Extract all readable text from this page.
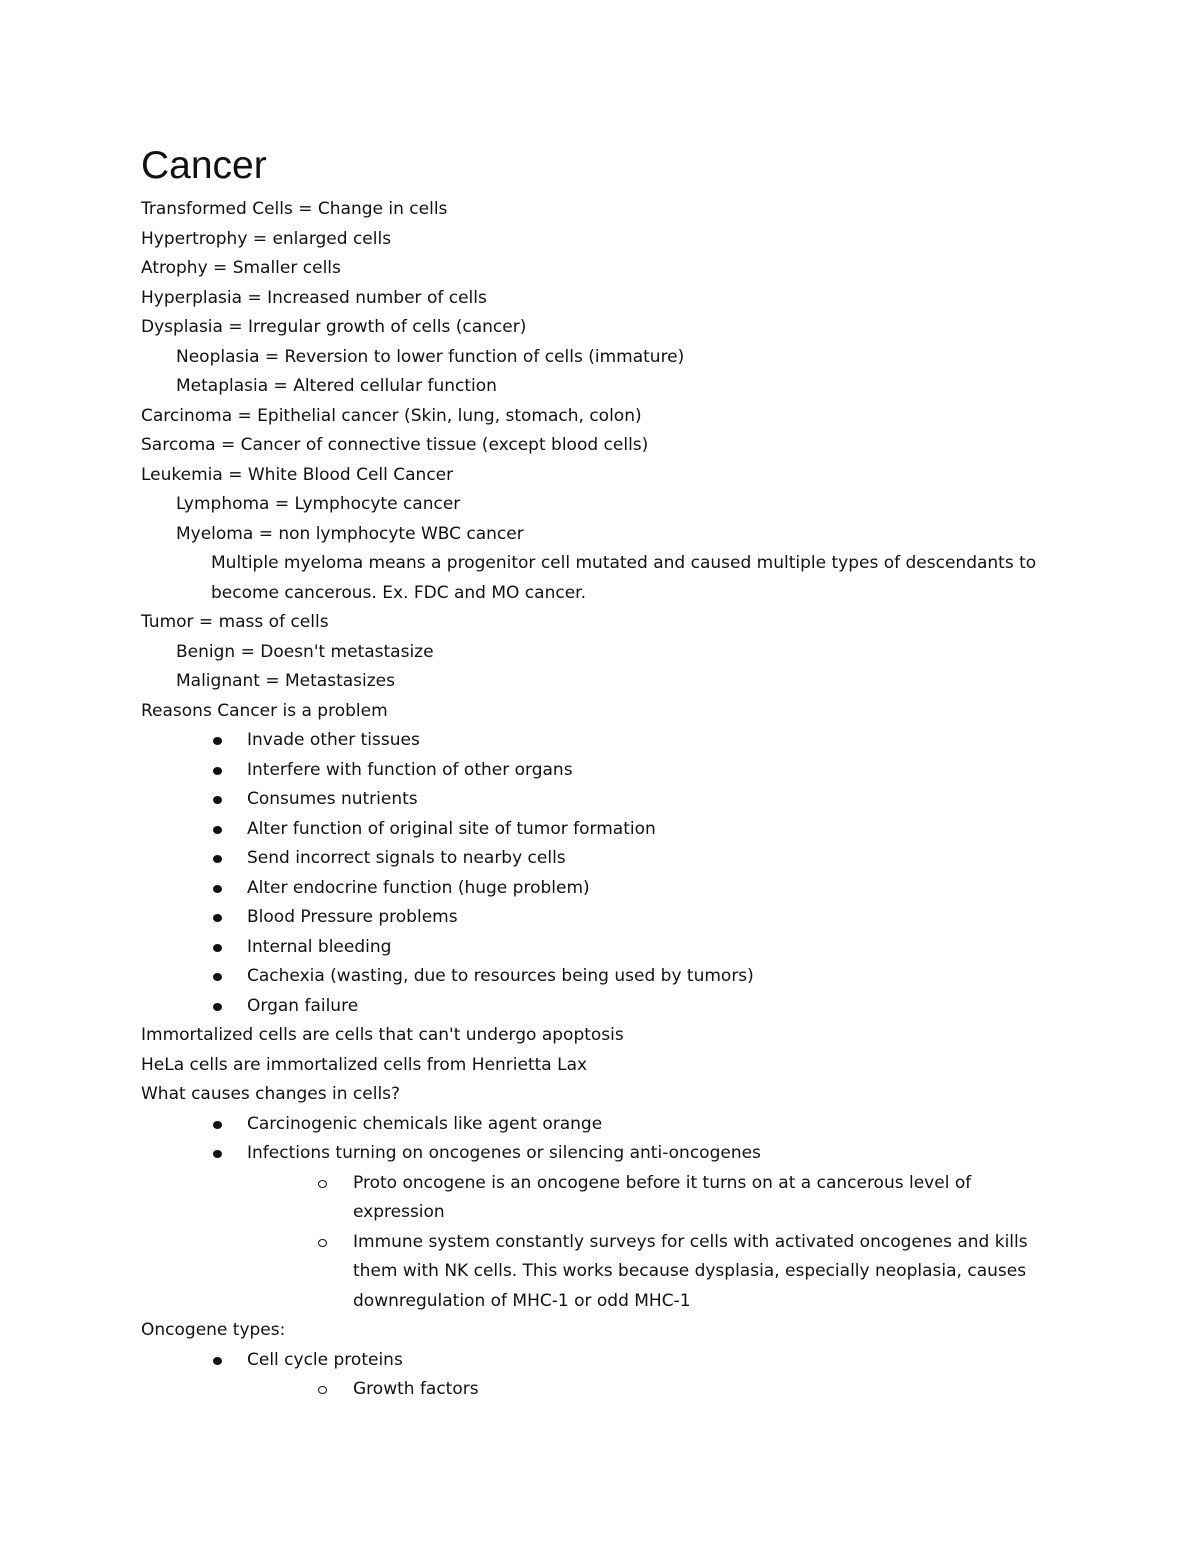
Cancer
Transformed Cells = Change in cells
Hypertrophy = enlarged cells
Atrophy = Smaller cells
Hyperplasia = Increased number of cells
Dysplasia = Irregular growth of cells (cancer)
Neoplasia = Reversion to lower function of cells (immature)
Metaplasia = Altered cellular function
Carcinoma = Epithelial cancer (Skin, lung, stomach, colon)
Sarcoma = Cancer of connective tissue (except blood cells)
Leukemia = White Blood Cell Cancer
Lymphoma = Lymphocyte cancer
Myeloma = non lymphocyte WBC cancer
Multiple myeloma means a progenitor cell mutated and caused multiple types of descendants to
become cancerous. Ex. FDC and MO cancer.
Tumor = mass of cells
Benign = Doesn't metastasize
Malignant = Metastasizes
Reasons Cancer is a problem
Invade other tissues
Interfere with function of other organs
Consumes nutrients
Alter function of original site of tumor formation
Send incorrect signals to nearby cells
Alter endocrine function (huge problem)
Blood Pressure problems
Internal bleeding
Cachexia (wasting, due to resources being used by tumors)
Organ failure
Immortalized cells are cells that can't undergo apoptosis
HeLa cells are immortalized cells from Henrietta Lax
What causes changes in cells?
Carcinogenic chemicals like agent orange
Infections turning on oncogenes or silencing anti-oncogenes
Proto oncogene is an oncogene before it turns on at a cancerous level of
expression
Immune system constantly surveys for cells with activated oncogenes and kills
them with NK cells. This works because dysplasia, especially neoplasia, causes
downregulation of MHC-1 or odd MHC-1
Oncogene types:
Cell cycle proteins
Growth factors
